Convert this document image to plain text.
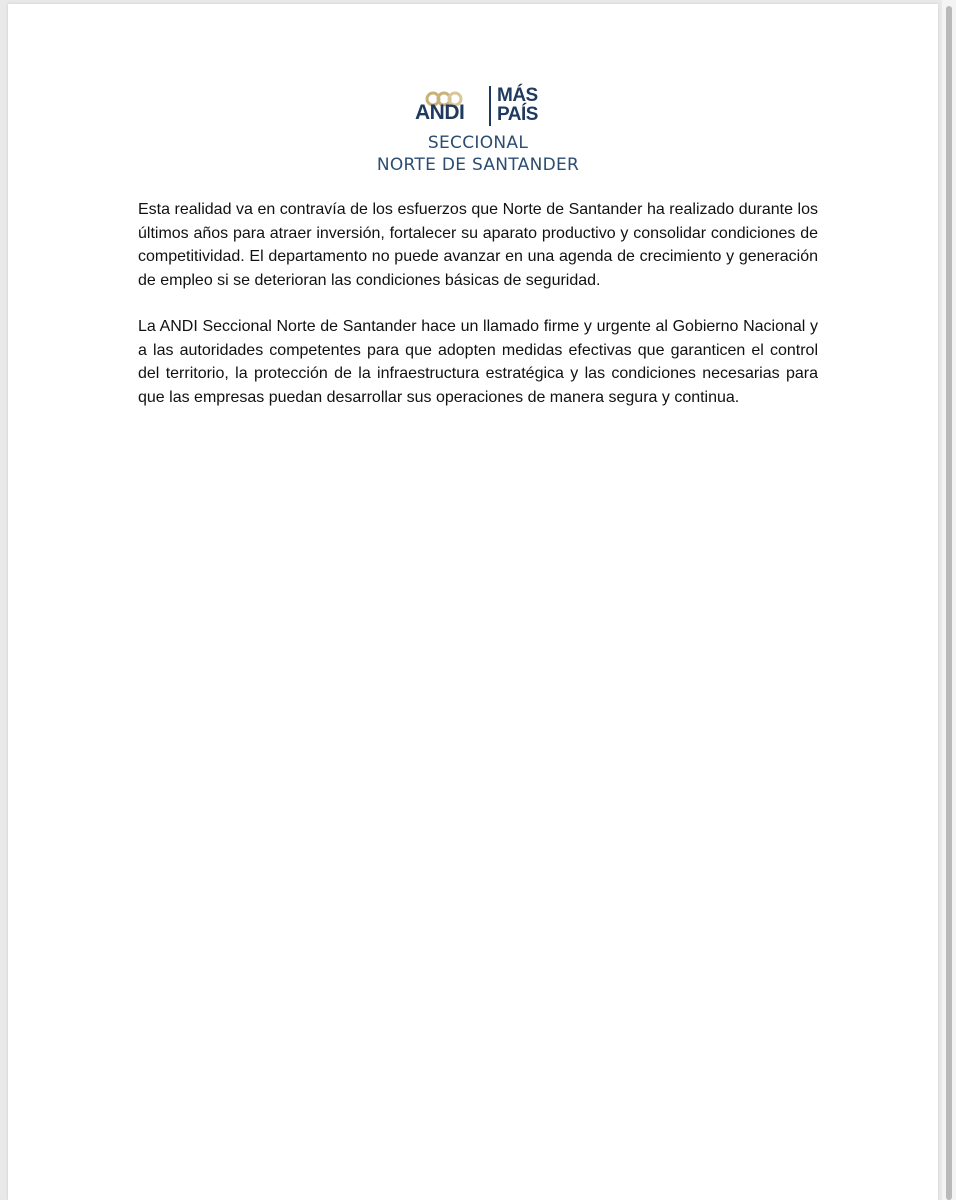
ANDI
MÁS
PAÍS
SECCIONAL
NORTE DE SANTANDER

Esta realidad va en contravía de los esfuerzos que Norte de Santander ha realizado durante los últimos años para atraer inversión, fortalecer su aparato productivo y consolidar condiciones de competitividad. El departamento no puede avanzar en una agenda de crecimiento y generación de empleo si se deterioran las condiciones básicas de seguridad.

La ANDI Seccional Norte de Santander hace un llamado firme y urgente al Gobierno Nacional y a las autoridades competentes para que adopten medidas efectivas que garanticen el control del territorio, la protección de la infraestructura estratégica y las condiciones necesarias para que las empresas puedan desarrollar sus operaciones de manera segura y continua.
